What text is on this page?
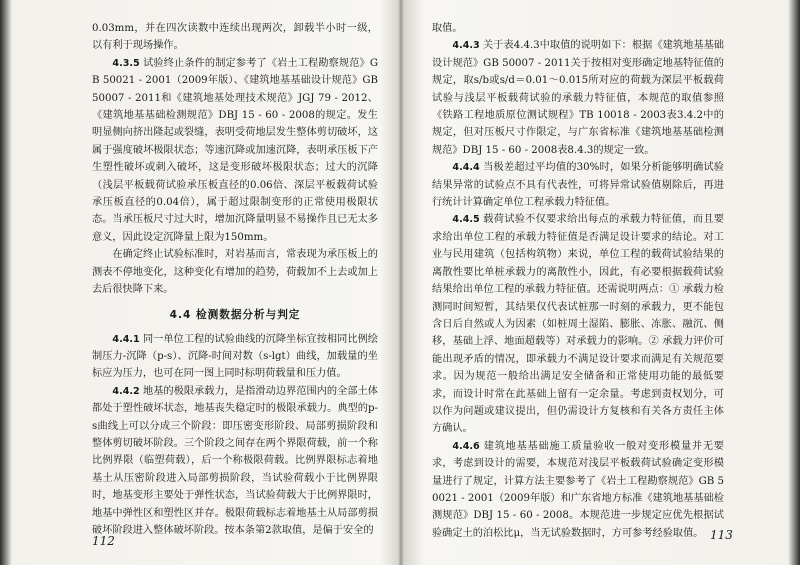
0.03mm，并在四次读数中连续出现两次，卸载半小时一级，以有利于现场操作。

4.3.5 试验终止条件的制定参考了《岩土工程勘察规范》GB 50021 - 2001（2009年版）、《建筑地基基础设计规范》GB 50007 - 2011和《建筑地基处理技术规范》JGJ 79 - 2012、《建筑地基基础检测规范》DBJ 15 - 60 - 2008的规定。发生明显侧向挤出隆起或裂缝，表明受荷地层发生整体剪切破坏，这属于强度破坏极限状态；等速沉降或加速沉降，表明承压板下产生塑性破坏或刺入破坏，这是变形破坏极限状态；过大的沉降（浅层平板载荷试验承压板直径的0.06倍、深层平板载荷试验承压板直径的0.04倍），属于超过限制变形的正常使用极限状态。当承压板尺寸过大时，增加沉降量明显不易操作且已无太多意义，因此设定沉降量上限为150mm。

在确定终止试验标准时，对岩基而言，常表现为承压板上的测表不停地变化，这种变化有增加的趋势，荷载加不上去或加上去后很快降下来。

4.4 检测数据分析与判定

4.4.1 同一单位工程的试验曲线的沉降坐标宜按相同比例绘制压力-沉降（p-s）、沉降-时间对数（s-lgt）曲线，加载量的坐标应为压力，也可在同一图上同时标明荷载量和压力值。

4.4.2 地基的极限承载力，是指滑动边界范围内的全部土体都处于塑性破坏状态，地基丧失稳定时的极限承载力。典型的p-s曲线上可以分成三个阶段：即压密变形阶段、局部剪损阶段和整体剪切破坏阶段。三个阶段之间存在两个界限荷载，前一个称比例界限（临塑荷载），后一个称极限荷载。比例界限标志着地基土从压密阶段进入局部剪损阶段，当试验荷载小于比例界限时，地基变形主要处于弹性状态，当试验荷载大于比例界限时，地基中弹性区和塑性区并存。极限荷载标志着地基土从局部剪损破坏阶段进入整体破坏阶段。按本条第2款取值，是偏于安全的

取值。

4.4.3 关于表4.4.3中取值的说明如下：根据《建筑地基基础设计规范》GB 50007 - 2011关于按相对变形确定地基特征值的规定，取s/b或s/d＝0.01～0.015所对应的荷载为深层平板载荷试验与浅层平板载荷试验的承载力特征值，本规范的取值参照《铁路工程地质原位测试规程》TB 10018 - 2003表3.4.2中的规定，但对压板尺寸作限定，与广东省标准《建筑地基基础检测规范》DBJ 15 - 60 - 2008表8.4.3的规定一致。

4.4.4 当极差超过平均值的30%时，如果分析能够明确试验结果异常的试验点不具有代表性，可将异常试验值剔除后，再进行统计计算确定单位工程承载力特征值。

4.4.5 载荷试验不仅要求给出每点的承载力特征值，而且要求给出单位工程的承载力特征值是否满足设计要求的结论。对工业与民用建筑（包括构筑物）来说，单位工程的载荷试验结果的离散性要比单桩承载力的离散性小，因此，有必要根据载荷试验结果给出单位工程的承载力特征值。还需说明两点：① 承载力检测同时间短暂，其结果仅代表试桩那一时刻的承载力，更不能包含日后自然或人为因素（如桩周土湿陷、膨胀、冻胀、融沉、侧移，基础上浮、地面超载等）对承载力的影响。② 承载力评价可能出现矛盾的情况，即承载力不满足设计要求而满足有关规范要求。因为规范一般给出满足安全储备和正常使用功能的最低要求，而设计时常在此基础上留有一定余量。考虑到责权划分，可以作为问题或建议提出，但仍需设计方复核和有关各方责任主体方确认。

4.4.6 建筑地基基础施工质量验收一般对变形模量并无要求，考虑到设计的需要，本规范对浅层平板载荷试验确定变形模量进行了规定，计算方法主要参考了《岩土工程勘察规范》GB 50021 - 2001（2009年版）和广东省地方标准《建筑地基基础检测规范》DBJ 15 - 60 - 2008。本规范进一步规定应优先根据试验确定土的泊松比μ，当无试验数据时，方可参考经验取值。

112	113
